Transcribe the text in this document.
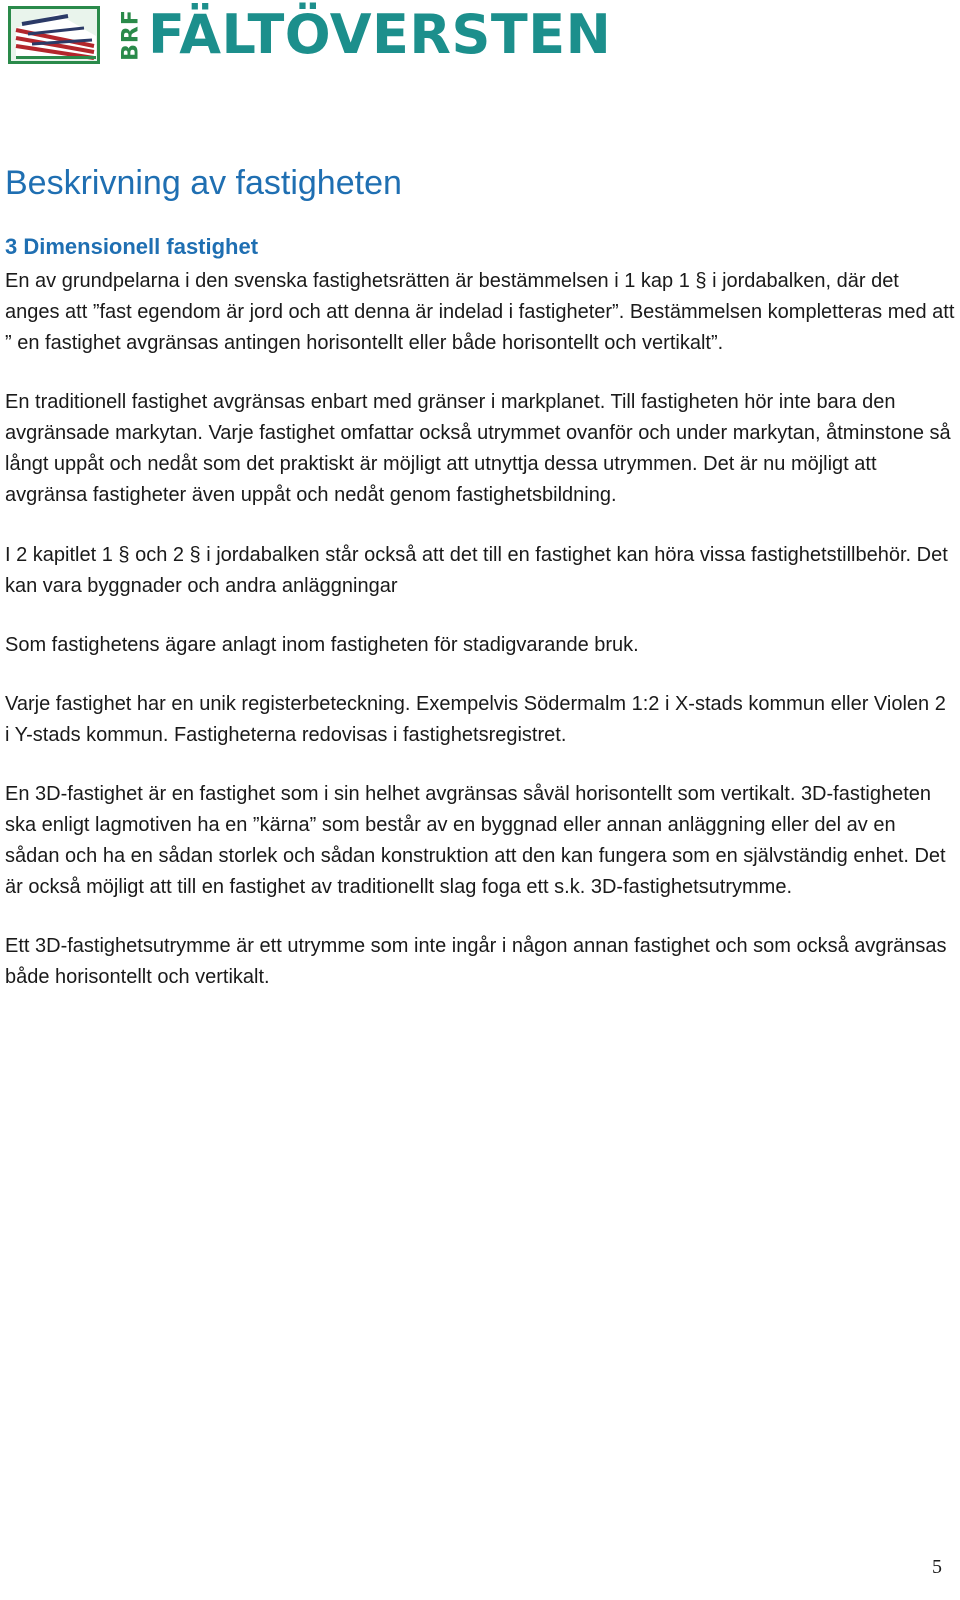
BRF FÄLTÖVERSTEN
Beskrivning av fastigheten
3 Dimensionell fastighet

En av grundpelarna i den svenska fastighetsrätten är bestämmelsen i 1 kap 1 § i jordabalken, där det anges att ”fast egendom är jord och att denna är indelad i fastigheter”. Bestämmelsen kompletteras med att ” en fastighet avgränsas antingen horisontellt eller både horisontellt och vertikalt”.

En traditionell fastighet avgränsas enbart med gränser i markplanet. Till fastigheten hör inte bara den avgränsade markytan. Varje fastighet omfattar också utrymmet ovanför och under markytan, åtminstone så långt uppåt och nedåt som det praktiskt är möjligt att utnyttja dessa utrymmen. Det är nu möjligt att avgränsa fastigheter även uppåt och nedåt genom fastighetsbildning.

I 2 kapitlet 1 § och 2 § i jordabalken står också att det till en fastighet kan höra vissa fastighetstillbehör. Det kan vara byggnader och andra anläggningar

Som fastighetens ägare anlagt inom fastigheten för stadigvarande bruk.

Varje fastighet har en unik registerbeteckning. Exempelvis Södermalm 1:2 i X-stads kommun eller Violen 2 i Y-stads kommun. Fastigheterna redovisas i fastighetsregistret.

En 3D-fastighet är en fastighet som i sin helhet avgränsas såväl horisontellt som vertikalt. 3D-fastigheten ska enligt lagmotiven ha en ”kärna” som består av en byggnad eller annan anläggning eller del av en sådan och ha en sådan storlek och sådan konstruktion att den kan fungera som en självständig enhet. Det är också möjligt att till en fastighet av traditionellt slag foga ett s.k. 3D-fastighetsutrymme.

Ett 3D-fastighetsutrymme är ett utrymme som inte ingår i någon annan fastighet och som också avgränsas både horisontellt och vertikalt.

5
